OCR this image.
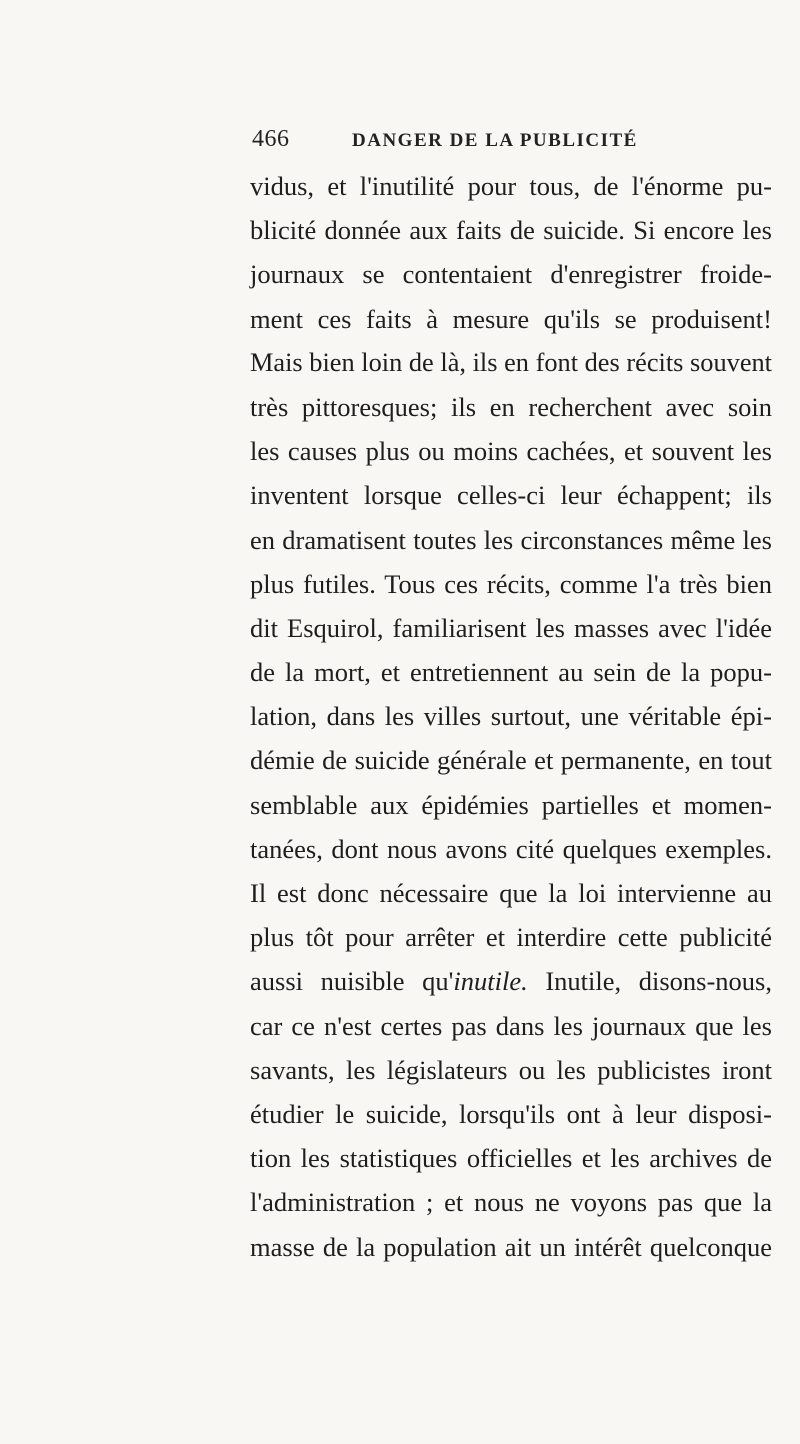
466	DANGER DE LA PUBLICITÉ
vidus, et l'inutilité pour tous, de l'énorme pu-
blicité donnée aux faits de suicide. Si encore les
journaux se contentaient d'enregistrer froide-
ment ces faits à mesure qu'ils se produisent!
Mais bien loin de là, ils en font des récits souvent
très pittoresques; ils en recherchent avec soin
les causes plus ou moins cachées, et souvent les
inventent lorsque celles-ci leur échappent; ils
en dramatisent toutes les circonstances même les
plus futiles. Tous ces récits, comme l'a très bien
dit Esquirol, familiarisent les masses avec l'idée
de la mort, et entretiennent au sein de la popu-
lation, dans les villes surtout, une véritable épi-
démie de suicide générale et permanente, en tout
semblable aux épidémies partielles et momen-
tanées, dont nous avons cité quelques exemples.
Il est donc nécessaire que la loi intervienne au
plus tôt pour arrêter et interdire cette publicité
aussi nuisible qu'inutile. Inutile, disons-nous,
car ce n'est certes pas dans les journaux que les
savants, les législateurs ou les publicistes iront
étudier le suicide, lorsqu'ils ont à leur disposi-
tion les statistiques officielles et les archives de
l'administration ; et nous ne voyons pas que la
masse de la population ait un intérêt quelconque
